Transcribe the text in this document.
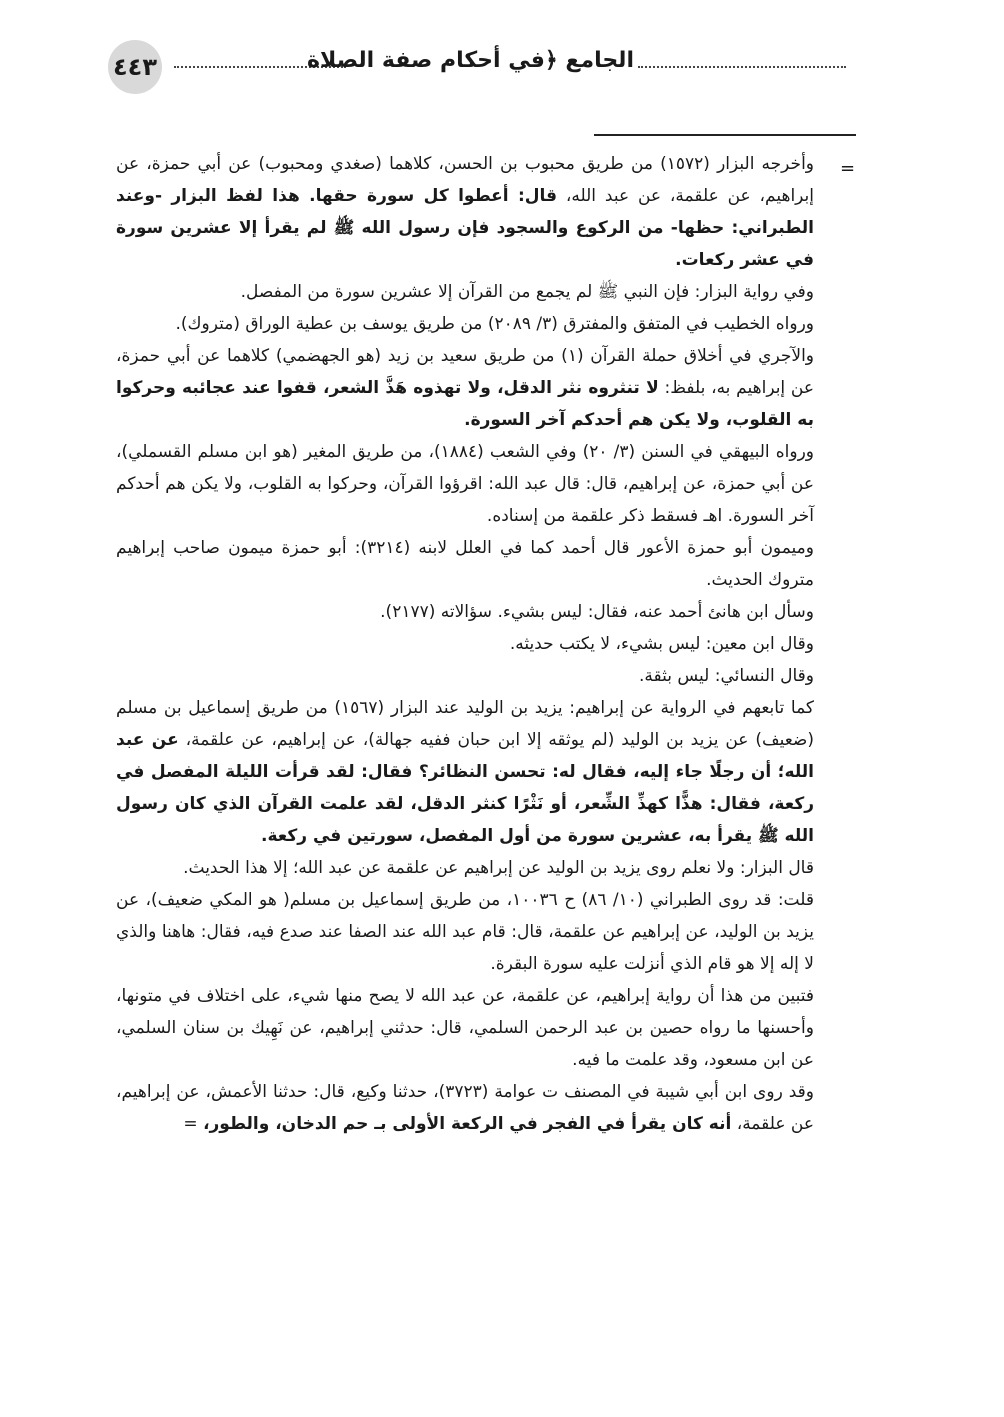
٤٤٣	الجامع ﴿في أحكام صفة الصلاة
=

وأخرجه البزار (١٥٧٢) من طريق محبوب بن الحسن، كلاهما (صغدي ومحبوب) عن أبي حمزة، عن إبراهيم، عن علقمة، عن عبد الله، قال: أعطوا كل سورة حقها. هذا لفظ البزار -وعند الطبراني: حظها- من الركوع والسجود فإن رسول الله ﷺ لم يقرأ إلا عشرين سورة في عشر ركعات.

وفي رواية البزار: فإن النبي ﷺ لم يجمع من القرآن إلا عشرين سورة من المفصل.

ورواه الخطيب في المتفق والمفترق (٣/ ٢٠٨٩) من طريق يوسف بن عطية الوراق (متروك).

والآجري في أخلاق حملة القرآن (١) من طريق سعيد بن زيد (هو الجهضمي) كلاهما عن أبي حمزة، عن إبراهيم به، بلفظ: لا تنثروه نثر الدقل، ولا تهذوه هَذَّ الشعر، قفوا عند عجائبه وحركوا به القلوب، ولا يكن هم أحدكم آخر السورة.

ورواه البيهقي في السنن (٣/ ٢٠) وفي الشعب (١٨٨٤)، من طريق المغير (هو ابن مسلم القسملي)، عن أبي حمزة، عن إبراهيم، قال: قال عبد الله: اقرؤوا القرآن، وحركوا به القلوب، ولا يكن هم أحدكم آخر السورة. اهـ فسقط ذكر علقمة من إسناده.

وميمون أبو حمزة الأعور قال أحمد كما في العلل لابنه (٣٢١٤): أبو حمزة ميمون صاحب إبراهيم متروك الحديث.

وسأل ابن هانئ أحمد عنه، فقال: ليس بشيء. سؤالاته (٢١٧٧).

وقال ابن معين: ليس بشيء، لا يكتب حديثه.

وقال النسائي: ليس بثقة.

كما تابعهم في الرواية عن إبراهيم: يزيد بن الوليد عند البزار (١٥٦٧) من طريق إسماعيل بن مسلم (ضعيف) عن يزيد بن الوليد (لم يوثقه إلا ابن حبان ففيه جهالة)، عن إبراهيم، عن علقمة، عن عبد الله؛ أن رجلًا جاء إليه، فقال له: تحسن النظائر؟ فقال: لقد قرأت الليلة المفصل في ركعة، فقال: هذًّا كهذِّ الشِّعر، أو نَثْرًا كنثر الدقل، لقد علمت القرآن الذي كان رسول الله ﷺ يقرأ به، عشرين سورة من أول المفصل، سورتين في ركعة.

قال البزار: ولا نعلم روى يزيد بن الوليد عن إبراهيم عن علقمة عن عبد الله؛ إلا هذا الحديث.

قلت: قد روى الطبراني (١٠/ ٨٦) ح ١٠٠٣٦، من طريق إسماعيل بن مسلم( هو المكي ضعيف)، عن يزيد بن الوليد، عن إبراهيم عن علقمة، قال: قام عبد الله عند الصفا عند صدع فيه، فقال: هاهنا والذي لا إله إلا هو قام الذي أنزلت عليه سورة البقرة.

فتبين من هذا أن رواية إبراهيم، عن علقمة، عن عبد الله لا يصح منها شيء، على اختلاف في متونها، وأحسنها ما رواه حصين بن عبد الرحمن السلمي، قال: حدثني إبراهيم، عن نَهِيك بن سنان السلمي، عن ابن مسعود، وقد علمت ما فيه.

وقد روى ابن أبي شيبة في المصنف ت عوامة (٣٧٢٣)، حدثنا وكيع، قال: حدثنا الأعمش، عن إبراهيم، عن علقمة، أنه كان يقرأ في الفجر في الركعة الأولى بـ حم الدخان، والطور، =
